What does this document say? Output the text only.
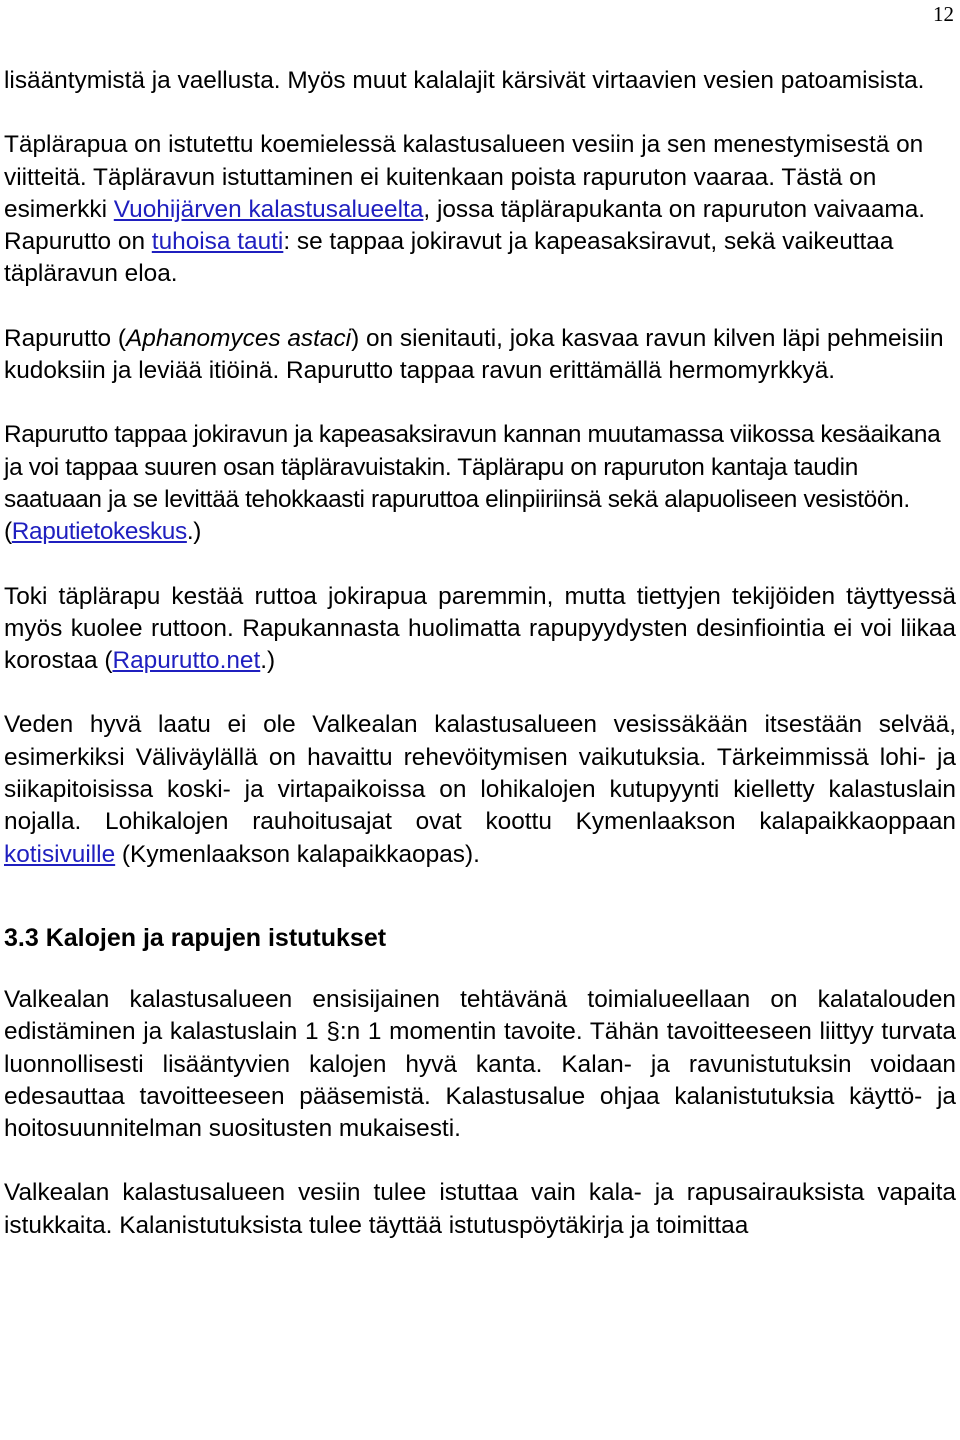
12

lisääntymistä ja vaellusta. Myös muut kalalajit kärsivät virtaavien vesien patoamisista.

Täplärapua on istutettu koemielessä kalastusalueen vesiin ja sen menestymisestä on viitteitä. Täpläravun istuttaminen ei kuitenkaan poista rapuruton vaaraa. Tästä on esimerkki Vuohijärven kalastusalueelta, jossa täplärapukanta on rapuruton vaivaama. Rapurutto on tuhoisa tauti: se tappaa jokiravut ja kapeasaksiravut, sekä vaikeuttaa täpläravun eloa.

Rapurutto (Aphanomyces astaci) on sienitauti, joka kasvaa ravun kilven läpi pehmeisiin kudoksiin ja leviää itiöinä. Rapurutto tappaa ravun erittämällä hermomyrkkyä.

Rapurutto tappaa jokiravun ja kapeasaksiravun kannan muutamassa viikossa kesäaikana ja voi tappaa suuren osan täpläravuistakin. Täplärapu on rapuruton kantaja taudin saatuaan ja se levittää tehokkaasti rapuruttoa elinpiiriinsä sekä alapuoliseen vesistöön.(Raputietokeskus.)

Toki täplärapu kestää ruttoa jokirapua paremmin, mutta tiettyjen tekijöiden täyttyessä myös kuolee ruttoon. Rapukannasta huolimatta rapupyydysten desinfiointia ei voi liikaa korostaa (Rapurutto.net.)

Veden hyvä laatu ei ole Valkealan kalastusalueen vesissäkään itsestään selvää, esimerkiksi Väliväylällä on havaittu rehevöitymisen vaikutuksia. Tärkeimmissä lohi- ja siikapitoisissa koski- ja virtapaikoissa on lohikalojen kutupyynti kielletty kalastuslain nojalla. Lohikalojen rauhoitusajat ovat koottu Kymenlaakson kalapaikkaoppaan kotisivuille (Kymenlaakson kalapaikkaopas).

3.3 Kalojen ja rapujen istutukset

Valkealan kalastusalueen ensisijainen tehtävänä toimialueellaan on kalatalouden edistäminen ja kalastuslain 1 §:n 1 momentin tavoite. Tähän tavoitteeseen liittyy turvata luonnollisesti lisääntyvien kalojen hyvä kanta. Kalan- ja ravunistutuksin voidaan edesauttaa tavoitteeseen pääsemistä. Kalastusalue ohjaa kalanistutuksia käyttö- ja hoitosuunnitelman suositusten mukaisesti.

Valkealan kalastusalueen vesiin tulee istuttaa vain kala- ja rapusairauksista vapaita istukkaita. Kalanistutuksista tulee täyttää istutuspöytäkirja ja toimittaa
